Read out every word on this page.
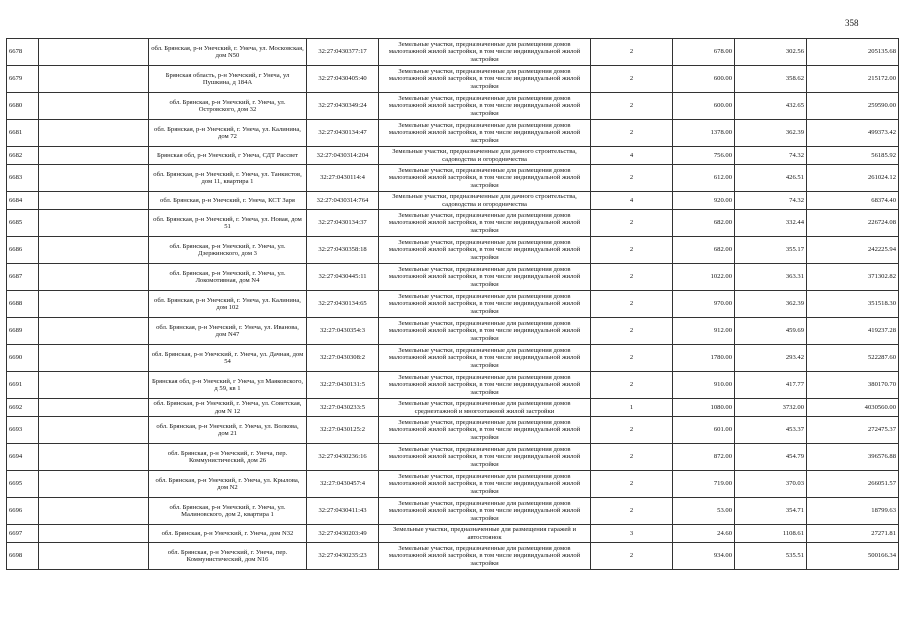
358
6678		обл. Брянская, р-н Унечский, г. Унеча, ул. Московская, дом N50	32:27:0430377:17	Земельные участки, предназначенные для размещения домов малоэтажной жилой застройки, в том числе индивидуальной жилой застройки	2	678.00	302.56	205135.68
6679		Брянская область, р-н Унечский, г Унеча, ул Пушкина, д 184А	32:27:0430405:40	Земельные участки, предназначенные для размещения домов малоэтажной жилой застройки, в том числе индивидуальной жилой застройки	2	600.00	358.62	215172.00
6680		обл. Брянская, р-н Унечский, г. Унеча, ул. Островского, дом 32	32:27:0430349:24	Земельные участки, предназначенные для размещения домов малоэтажной жилой застройки, в том числе индивидуальной жилой застройки	2	600.00	432.65	259590.00
6681		обл. Брянская, р-н Унечский, г. Унеча, ул. Калинина, дом 72	32:27:0430134:47	Земельные участки, предназначенные для размещения домов малоэтажной жилой застройки, в том числе индивидуальной жилой застройки	2	1378.00	362.39	499373.42
6682		Брянская обл, р-н Унечский, г Унеча, СДТ Рассвет	32:27:0430314:204	Земельные участки, предназначенные для дачного строительства, садоводства и огородничества	4	756.00	74.32	56185.92
6683		обл. Брянская, р-н Унечский, г. Унеча, ул. Танкистов, дом 11, квартира 1	32:27:0430114:4	Земельные участки, предназначенные для размещения домов малоэтажной жилой застройки, в том числе индивидуальной жилой застройки	2	612.00	426.51	261024.12
6684		обл. Брянская, р-н Унечский, г. Унеча, КСТ Заря	32:27:0430314:764	Земельные участки, предназначенные для дачного строительства, садоводства и огородничества	4	920.00	74.32	68374.40
6685		обл. Брянская, р-н Унечский, г. Унеча, ул. Новая, дом 51	32:27:0430134:37	Земельные участки, предназначенные для размещения домов малоэтажной жилой застройки, в том числе индивидуальной жилой застройки	2	682.00	332.44	226724.08
6686		обл. Брянская, р-н Унечский, г. Унеча, ул. Дзержинского, дом 3	32:27:0430358:18	Земельные участки, предназначенные для размещения домов малоэтажной жилой застройки, в том числе индивидуальной жилой застройки	2	682.00	355.17	242225.94
6687		обл. Брянская, р-н Унечский, г. Унеча, ул. Локомотивная, дом N4	32:27:0430445:11	Земельные участки, предназначенные для размещения домов малоэтажной жилой застройки, в том числе индивидуальной жилой застройки	2	1022.00	363.31	371302.82
6688		обл. Брянская, р-н Унечский, г. Унеча, ул. Калинина, дом 102	32:27:0430134:65	Земельные участки, предназначенные для размещения домов малоэтажной жилой застройки, в том числе индивидуальной жилой застройки	2	970.00	362.39	351518.30
6689		обл. Брянская, р-н Унечский, г. Унеча, ул. Иванова, дом N47	32:27:0430354:3	Земельные участки, предназначенные для размещения домов малоэтажной жилой застройки, в том числе индивидуальной жилой застройки	2	912.00	459.69	419237.28
6690		обл. Брянская, р-н Унечский, г. Унеча, ул. Дачная, дом 54	32:27:0430308:2	Земельные участки, предназначенные для размещения домов малоэтажной жилой застройки, в том числе индивидуальной жилой застройки	2	1780.00	293.42	522287.60
6691		Брянская обл, р-н Унечский, г Унеча, ул Маяковского, д 59, кв 1	32:27:0430131:5	Земельные участки, предназначенные для размещения домов малоэтажной жилой застройки, в том числе индивидуальной жилой застройки	2	910.00	417.77	380170.70
6692		обл. Брянская, р-н Унечский, г. Унеча, ул. Советская, дом N 12	32:27:0430233:5	Земельные участки, предназначенные для размещения домов среднеэтажной и многоэтажной жилой застройки	1	1080.00	3732.00	4030560.00
6693		обл. Брянская, р-н Унечский, г. Унеча, ул. Волкова, дом 21	32:27:0430125:2	Земельные участки, предназначенные для размещения домов малоэтажной жилой застройки, в том числе индивидуальной жилой застройки	2	601.00	453.37	272475.37
6694		обл. Брянская, р-н Унечский, г. Унеча, пер. Коммунистический, дом 26	32:27:0430236:16	Земельные участки, предназначенные для размещения домов малоэтажной жилой застройки, в том числе индивидуальной жилой застройки	2	872.00	454.79	396576.88
6695		обл. Брянская, р-н Унечский, г. Унеча, ул. Крылова, дом N2	32:27:0430457:4	Земельные участки, предназначенные для размещения домов малоэтажной жилой застройки, в том числе индивидуальной жилой застройки	2	719.00	370.03	266051.57
6696		обл. Брянская, р-н Унечский, г. Унеча, ул. Малиновского, дом 2, квартира 1	32:27:0430411:43	Земельные участки, предназначенные для размещения домов малоэтажной жилой застройки, в том числе индивидуальной жилой застройки	2	53.00	354.71	18799.63
6697		обл. Брянская, р-н Унечский, г. Унеча, дом N32	32:27:0430203:49	Земельные участки, предназначенные для размещения гаражей и автостоянок	3	24.60	1108.61	27271.81
6698		обл. Брянская, р-н Унечский, г. Унеча, пер. Коммунистический, дом N16	32:27:0430235:23	Земельные участки, предназначенные для размещения домов малоэтажной жилой застройки, в том числе индивидуальной жилой застройки	2	934.00	535.51	500166.34
